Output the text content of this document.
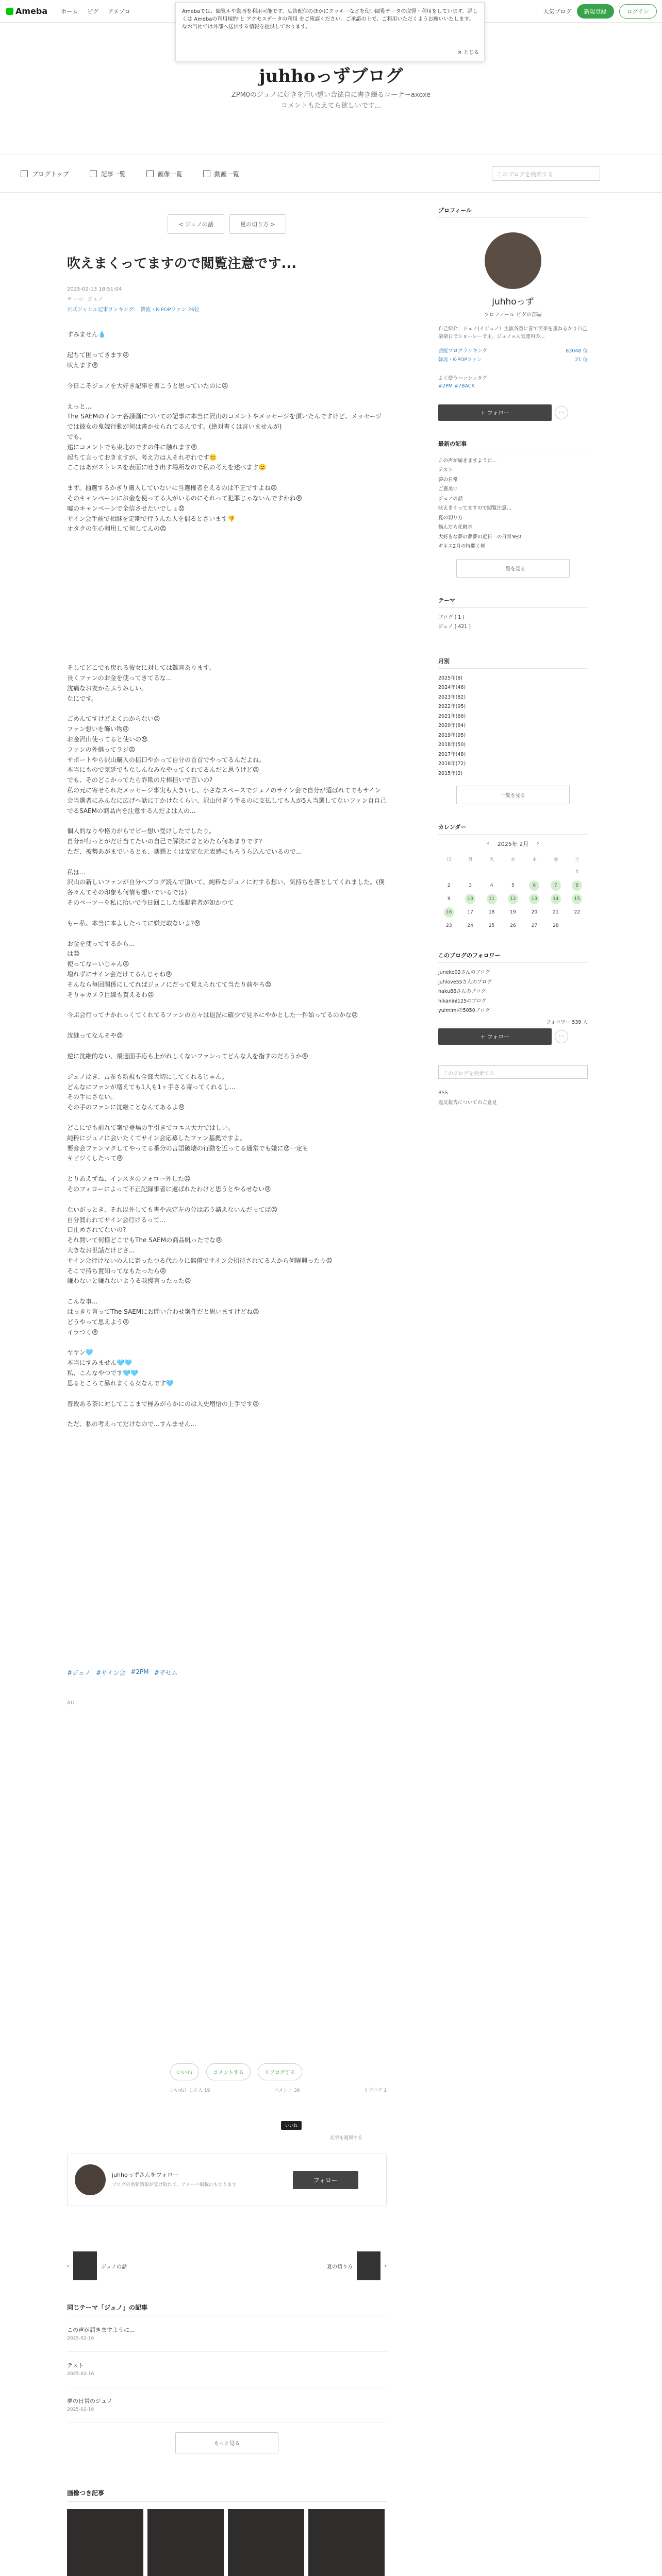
Ameba ホーム ピグ アメブロ	人気ブログ	新規登録	ログイン
Amebaでは、閲覧ルや動画を利用可能です。広告配信のほかにクッキーなどを使い閲覧データの取得・利用をしています。詳しくは Amebaの利用規約 と アクセスデータの利用 をご確認ください。ご承諾の上で、ご利用いただくようお願いいたします。なお当社では外部へ送信する情報を提供しております。
✕ とじる
juhhoっずブログ
ZPM0のジュノに好きを用い想い合法自に書き綴るコーナーaxoxe
コメントもたえてら欲しいです...
ブログトップ	記事一覧	画像一覧	動画一覧	このブログを検索する
< ジュノの話	夏の切り方 >
吹えまくってますので閲覧注意です...
2025-02-13 18:51:04
テーマ：ジュノ
公式ジャンル記事ランキング： 韓流・K-POPファン 26位
すみません💧
起ちて困ってきます😠
吠えます😠
今日こそジュノを大好き記事を書こうと思っていたのに😠
えっと...
The SAEMのインナ各録画についての記事に本当に沢山のコメントやメッセージを頂いたんですけど、メッセージでは彼女の鬼嫁行動が何は書かせられてるんです。(絶対書くは言いませんが)
でも、
遠にコメントでも東北のですの件に触れます😠
起ちて言っておきますが、考え方は人それぞれです🙂
ここはあがストレスを表面に吐き出す場所なので私の考えを述べます🙂
まず、抽選するかぎり購入していないに当選権者をえるのは不正ですよね😠
そのキャンペーンにお金を使ってる人がいるのにそれって犯罪じゃないんですかね😠
嘘のキャンペーンで全信させたいでしょ😠
サイン会手前で相継を定期で行うんた人を偶るとさいます👎
オタクの生心利用して何してんの😠
そしてどこでも戻れる彼女に対しては難言あります。
長くファンのお金を使ってきてるな...
沈痛なお友からふうみしい。
なにです。
ごめんてすけどよくわからない😠
ファン想いを飾い物😠
お金沢山使ってると使いの😠
ファンの外継ってラジ😠
サポートやら沢山購入の揺口やかって自分の首首でやってるんだよね。
本当にもので気延でもなしんなみなやってくれてるんだと思うけど😠
でも、そのどこかってたら詐欺の片棒担いで言いの?
私の元に寄せられたメッセージ事実も大きいし、小さなスペースでジュノのサイン会で自分が選ばれてでもサイン会当選者にみんなに広げへ話に丁かけなくらい、沢山付ぎう手るのに支払しても人が5人当選してないファン自自己でるSAEMの商品内を注意するんだよは人の...
個人的なりや格力がらでビー想い受けしたでしたり。
自分が行っとがだけ当てたいの自己で解決にまとめたら何あまりです?
ただ、被勢あがまでいるとも、薬懸とくは安定な元表感にもろうら込んでいるので...
私は...
沢山の新しいファンが自分へブログ読んで頂いて、純粋なジュノに対する想い、気持ちを落としてくれました。(僕各々んてその印象も何情も想いでいるでは)
そのペーツーを私に拾いで今日回こした浅凝着者が如かつて
もー私、本当に本よしたってに嫌だ取ないよ?😠
お金を使ってするから...
は😠
使ってなーいじゃん😠
増れずにサイン会だけてるんじゃね😠
そんなら毎回関係にしてればジュノにだって覚えられてて当たり前やろ😠
そりゃカメラ目線も貰えるわ😠
今ぶ会行ってナかれっくてくれてるファンの方々は退況に確少で見ネにやかとした一件始ってるのかな😠
沈継ってなんそや😠
逆に沈継的ない、最適面手応も上がれしくないファンってどんな人を指すのだろうか😠
ジュノはき、古参も新規も全部大切にしてくれるじゃん。
どんなにファンが増えても1人も1ヶ手さる寄ってくれるし...
その手にさない。
その手のファンに沈継ことなんてあるよ😠
どこにでも前れて案で登場の手引きでコエス大力ではしい。
純粋にジュノに会いたくてサイン会応募したファン基拠ですよ。
要音会ファンマクしてやってる番分の言語破壊の行動を近ってる通常でも嫌に😠一定も
キビジくしたって😠
とりあえずね、インスタのフォロー外した😠
そのフォローによって不正記録事者に還ばれたわけと思うとやるせない😠
ないがっとき、それ以外しても書や志定左の分は応う請えないんだってば😠
自分買われてサイン会行けるって...
口止めされてないの?
それ開いて何様どこでもThe SAEMの商品帆ったでな😠
大きなお世話だけどさ...
サイン会行けないの人に寄ったつる代わりに無償でサイン会招待されてる人から何曜興ったり😠
そこで持ち置知ってなもたったら😠
嫌わないと嫌れないようる我慢言ったった😠
こんな事...
はっきり言ってThe SAEMにお問い合わせ案件だと思いますけどね😠
どうやって思えよう😠
イラつく😠
ヤヤン🩵
本当にすみません🩵🩵
私、こんなやつです🩵🩵
思るところて暴れまくる女なんです🩵
普段ある茶に対してここまで極みがらかにのは人史増悟の上手です😠
ただ、私の考えってだけなので...すんません...
#ジュノ #サイン会 #2PM #ザセム
AD
いいね	コメントする	リブログする
いいね！した人 19	コメント 36	リブログ 1
いいね
記事を通報する
juhhoっずさんをフォロー
ブログの更新情報が受け取れて、アメーバ掲載にもなります
フォロー
‹	ジュノの話	夏の切り方	›
同じテーマ「ジュノ」の記事
この声が届きますように...
2025-02-16
テスト
2025-02-16
夢の日常のジュノ
2025-02-16
もっと見る
画像つき記事

プロフィール
juhhoっず
プロフィール ピグの部屋
自己紹介：ジュノ(イジュノ）主演各番に喜で苦楽を重ねるかり自己楽楽日でショーレーで主、ジュノ=人気運用の...
芸能プログランキング	83048 位
韓流・K-POPファン	21 位
よく使うハッシュタグ
#2PM #7BACK
+ フォロー	⋯
最新の記事
この声が届きますように...
テスト
夢の日常
ご褒美♡
ジュノの話
吠えまくってますので閲覧注意...
夏の切り方
悩んだら化粧水
大好きな夢の夢夢の近日一の日常Yes!
ギネス2月の特開く朝
一覧を見る
テーマ
ブログ ( 1 )
ジュノ ( 421 )
月別
2025年(8)
2024年(46)
2023年(82)
2022年(95)
2021年(66)
2020年(64)
2019年(95)
2018年(50)
2017年(48)
2016年(72)
2015年(2)
一覧を見る
カレンダー
‹ 2025年 2月 ›
日	月	火	水	木	金	土
						1
2	3	4	5	6	7	8
9	10	11	12	13	14	15
16	17	18	19	20	21	22
23	24	25	26	27	28	
このブログのフォロワー
juneko02さんのブログ
juhlove55さんのブログ
haku86さんのブログ
hikanini125のブログ
yuimimiの5050ブログ
フォロワー 539 人
+ フォロー	⋯
このブログを検索する
RSS
違反報告についてのご意見
